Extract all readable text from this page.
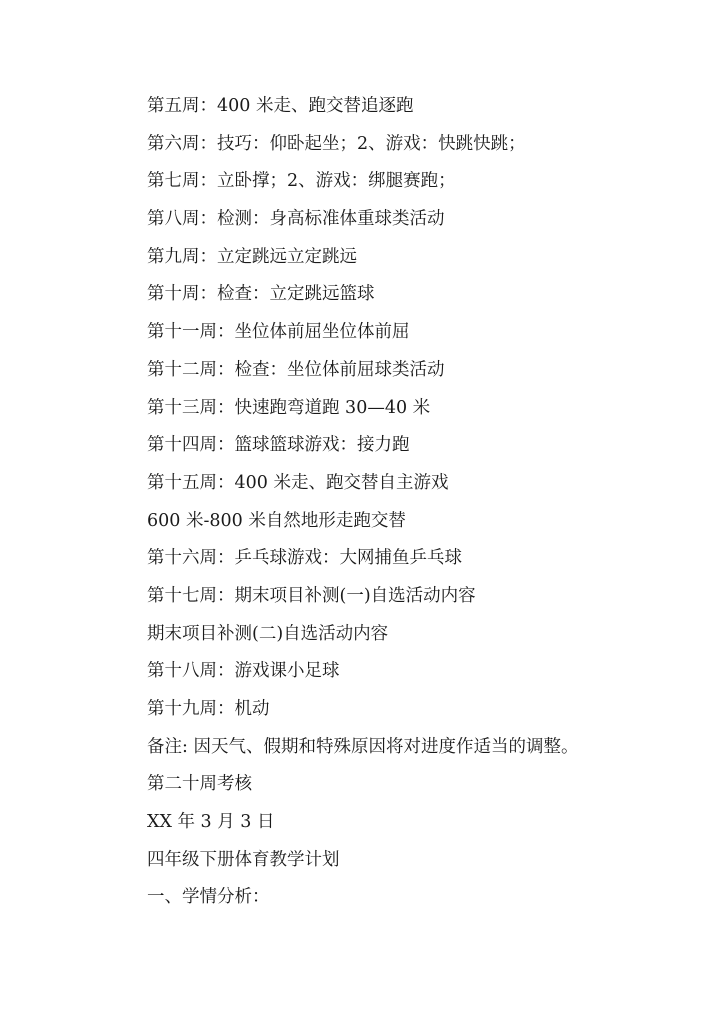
第五周：400 米走、跑交替追逐跑
第六周：技巧：仰卧起坐；2、游戏：快跳快跳；
第七周：立卧撑；2、游戏：绑腿赛跑；
第八周：检测：身高标准体重球类活动
第九周：立定跳远立定跳远
第十周：检查：立定跳远篮球
第十一周：坐位体前屈坐位体前屈
第十二周：检查：坐位体前屈球类活动
第十三周：快速跑弯道跑 30—40 米
第十四周：篮球篮球游戏：接力跑
第十五周：400 米走、跑交替自主游戏
600 米-800 米自然地形走跑交替
第十六周：乒乓球游戏：大网捕鱼乒乓球
第十七周：期末项目补测(一)自选活动内容
期末项目补测(二)自选活动内容
第十八周：游戏课小足球
第十九周：机动
备注: 因天气、假期和特殊原因将对进度作适当的调整。
第二十周考核
XX 年 3 月 3 日
四年级下册体育教学计划
一、学情分析：
